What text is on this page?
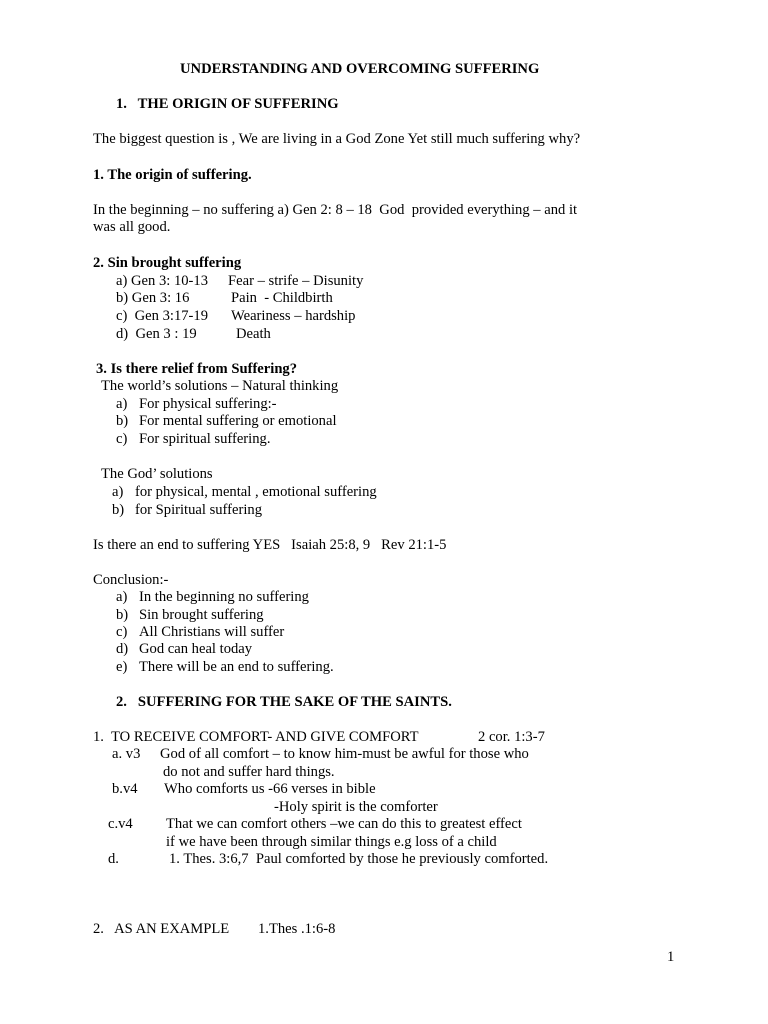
UNDERSTANDING AND OVERCOMING SUFFERING
1.   THE ORIGIN OF SUFFERING
The biggest question is , We are living in a God Zone Yet still much suffering why?
1. The origin of suffering.
In the beginning – no suffering a) Gen 2: 8 – 18  God  provided everything – and it
was all good.
2. Sin brought suffering
a) Gen 3: 10-13 Fear – strife – Disunity
b) Gen 3: 16	Pain  - Childbirth
c)  Gen 3:17-19 Weariness – hardship
d)  Gen 3 : 19	Death
3. Is there relief from Suffering?
The world’s solutions – Natural thinking
a) For physical suffering:-
b) For mental suffering or emotional
c) For spiritual suffering.
The God’ solutions
a) for physical, mental , emotional suffering
b) for Spiritual suffering
Is there an end to suffering YES   Isaiah 25:8, 9   Rev 21:1-5
Conclusion:-
a) In the beginning no suffering
b) Sin brought suffering
c) All Christians will suffer
d) God can heal today
e) There will be an end to suffering.
2.   SUFFERING FOR THE SAKE OF THE SAINTS.
1.  TO RECEIVE COMFORT- AND GIVE COMFORT	2 cor. 1:3-7
a. v3 God of all comfort – to know him-must be awful for those who
do not and suffer hard things.
b.v4 Who comforts us -66 verses in bible
-Holy spirit is the comforter
c.v4 That we can comfort others –we can do this to greatest effect
if we have been through similar things e.g loss of a child
d.	1. Thes. 3:6,7  Paul comforted by those he previously comforted.
2.   AS AN EXAMPLE 1.Thes .1:6-8
1
